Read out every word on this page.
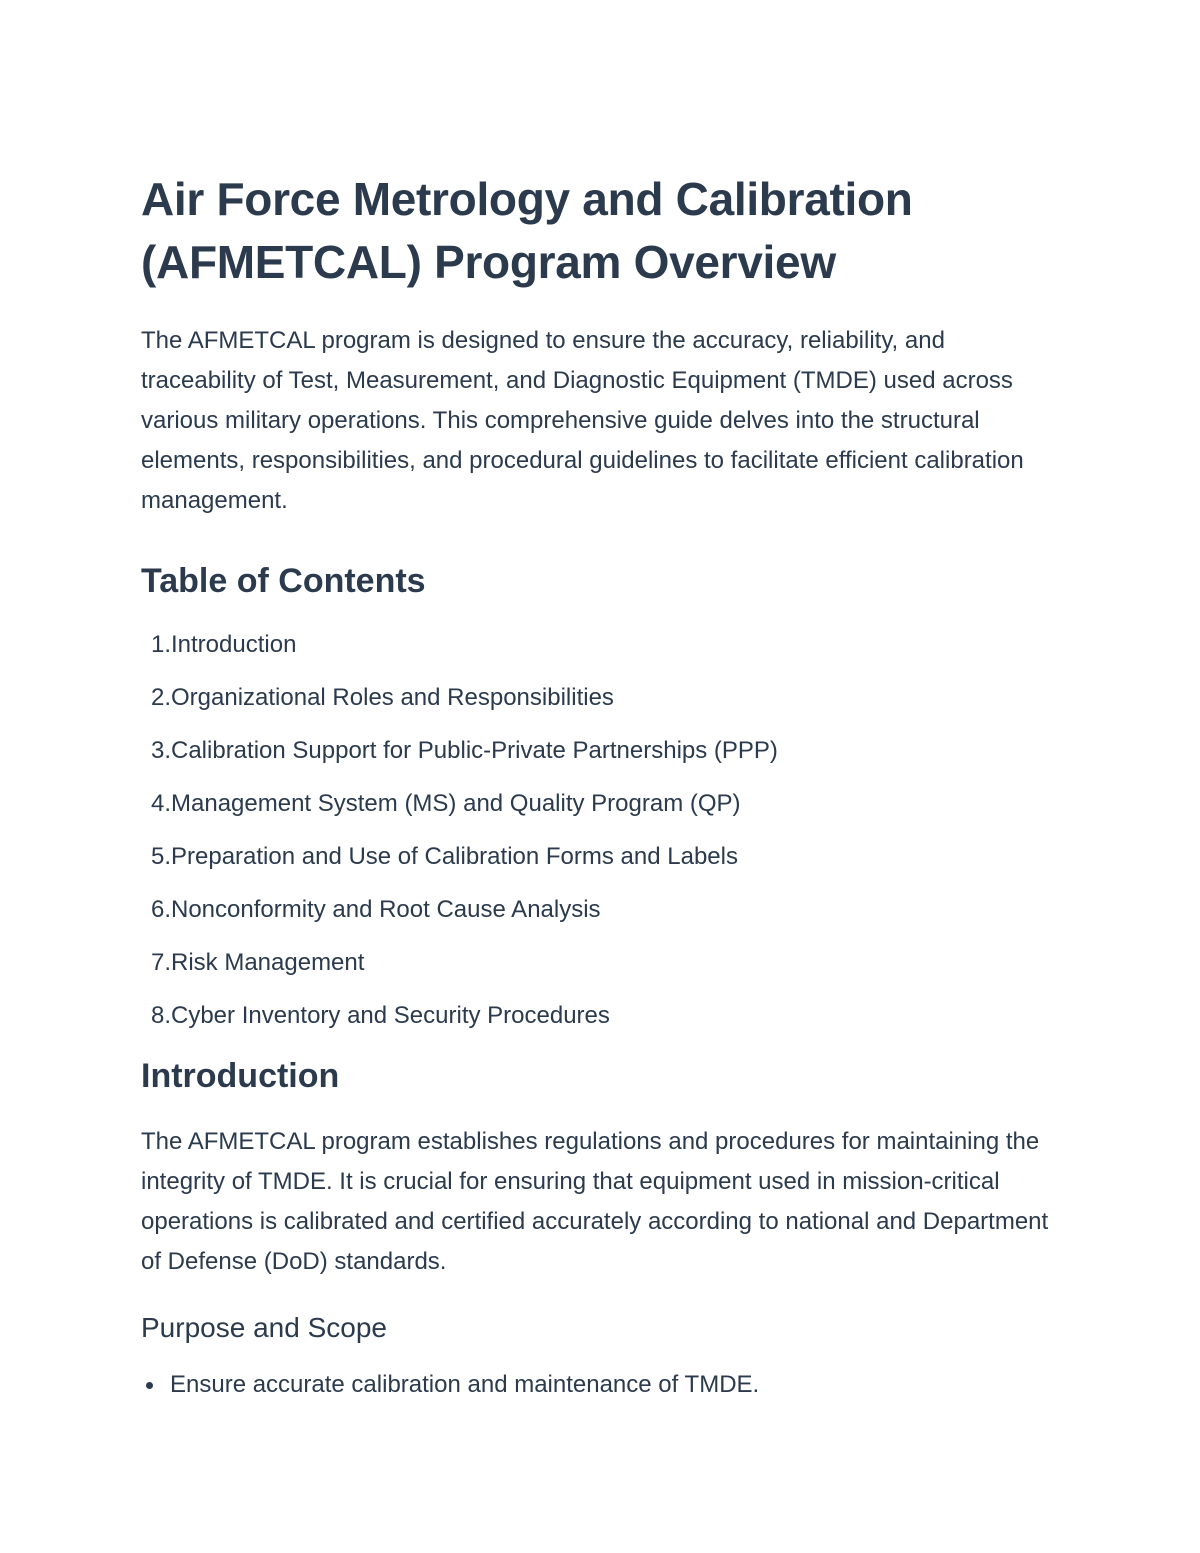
Air Force Metrology and Calibration
(AFMETCAL) Program Overview

The AFMETCAL program is designed to ensure the accuracy, reliability, and traceability of Test, Measurement, and Diagnostic Equipment (TMDE) used across various military operations. This comprehensive guide delves into the structural elements, responsibilities, and procedural guidelines to facilitate efficient calibration management.

Table of Contents
1. Introduction
2. Organizational Roles and Responsibilities
3. Calibration Support for Public-Private Partnerships (PPP)
4. Management System (MS) and Quality Program (QP)
5. Preparation and Use of Calibration Forms and Labels
6. Nonconformity and Root Cause Analysis
7. Risk Management
8. Cyber Inventory and Security Procedures
Introduction

The AFMETCAL program establishes regulations and procedures for maintaining the integrity of TMDE. It is crucial for ensuring that equipment used in mission-critical operations is calibrated and certified accurately according to national and Department of Defense (DoD) standards.

Purpose and Scope
Ensure accurate calibration and maintenance of TMDE.
